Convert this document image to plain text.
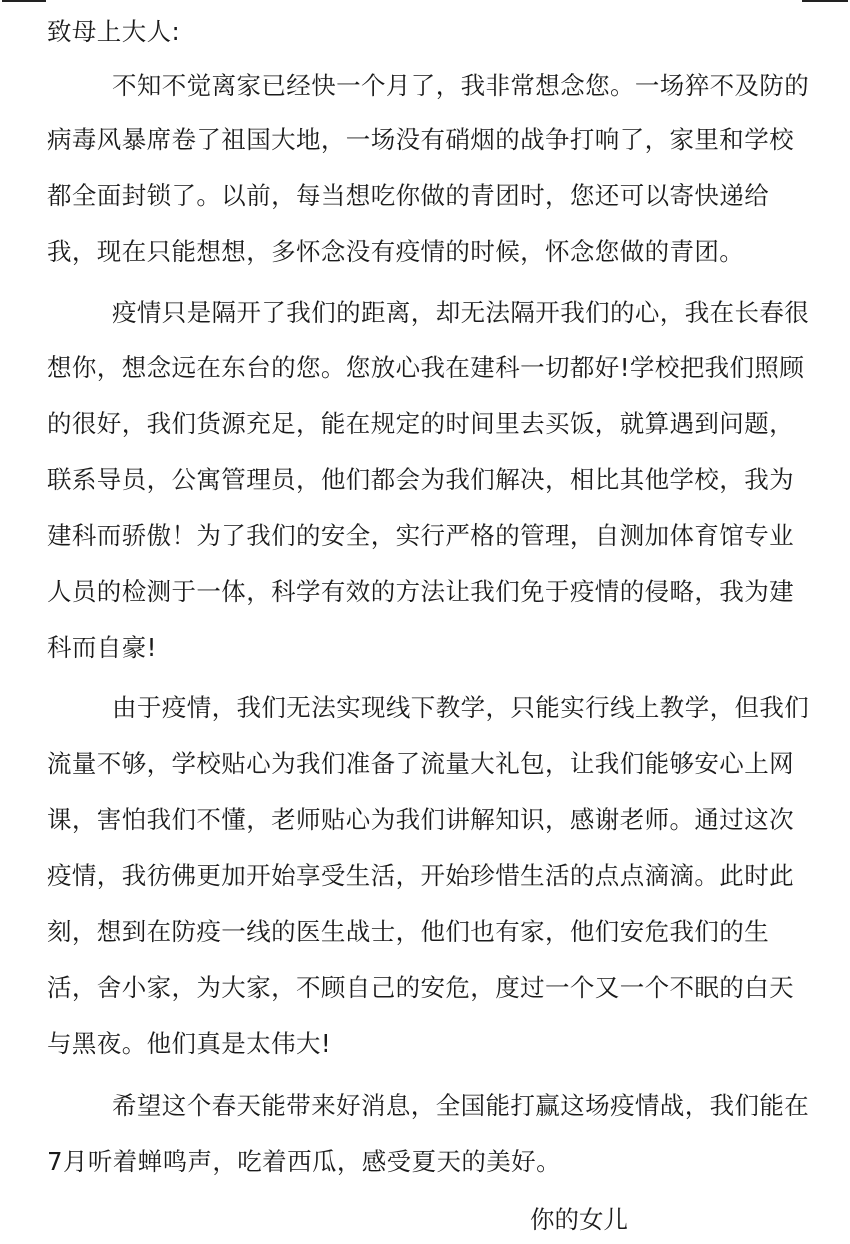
致母上大人:
不知不觉离家已经快一个月了，我非常想念您。一场猝不及防的
病毒风暴席卷了祖国大地，一场没有硝烟的战争打响了，家里和学校
都全面封锁了。以前，每当想吃你做的青团时，您还可以寄快递给
我，现在只能想想，多怀念没有疫情的时候，怀念您做的青团。
疫情只是隔开了我们的距离，却无法隔开我们的心，我在长春很
想你，想念远在东台的您。您放心我在建科一切都好!学校把我们照顾
的很好，我们货源充足，能在规定的时间里去买饭，就算遇到问题，
联系导员，公寓管理员，他们都会为我们解决，相比其他学校，我为
建科而骄傲！为了我们的安全，实行严格的管理，自测加体育馆专业
人员的检测于一体，科学有效的方法让我们免于疫情的侵略，我为建
科而自豪!
由于疫情，我们无法实现线下教学，只能实行线上教学，但我们
流量不够，学校贴心为我们准备了流量大礼包，让我们能够安心上网
课，害怕我们不懂，老师贴心为我们讲解知识，感谢老师。通过这次
疫情，我彷佛更加开始享受生活，开始珍惜生活的点点滴滴。此时此
刻，想到在防疫一线的医生战士，他们也有家，他们安危我们的生
活，舍小家，为大家，不顾自己的安危，度过一个又一个不眠的白天
与黑夜。他们真是太伟大!
希望这个春天能带来好消息，全国能打赢这场疫情战，我们能在
7月听着蝉鸣声，吃着西瓜，感受夏天的美好。
你的女儿
